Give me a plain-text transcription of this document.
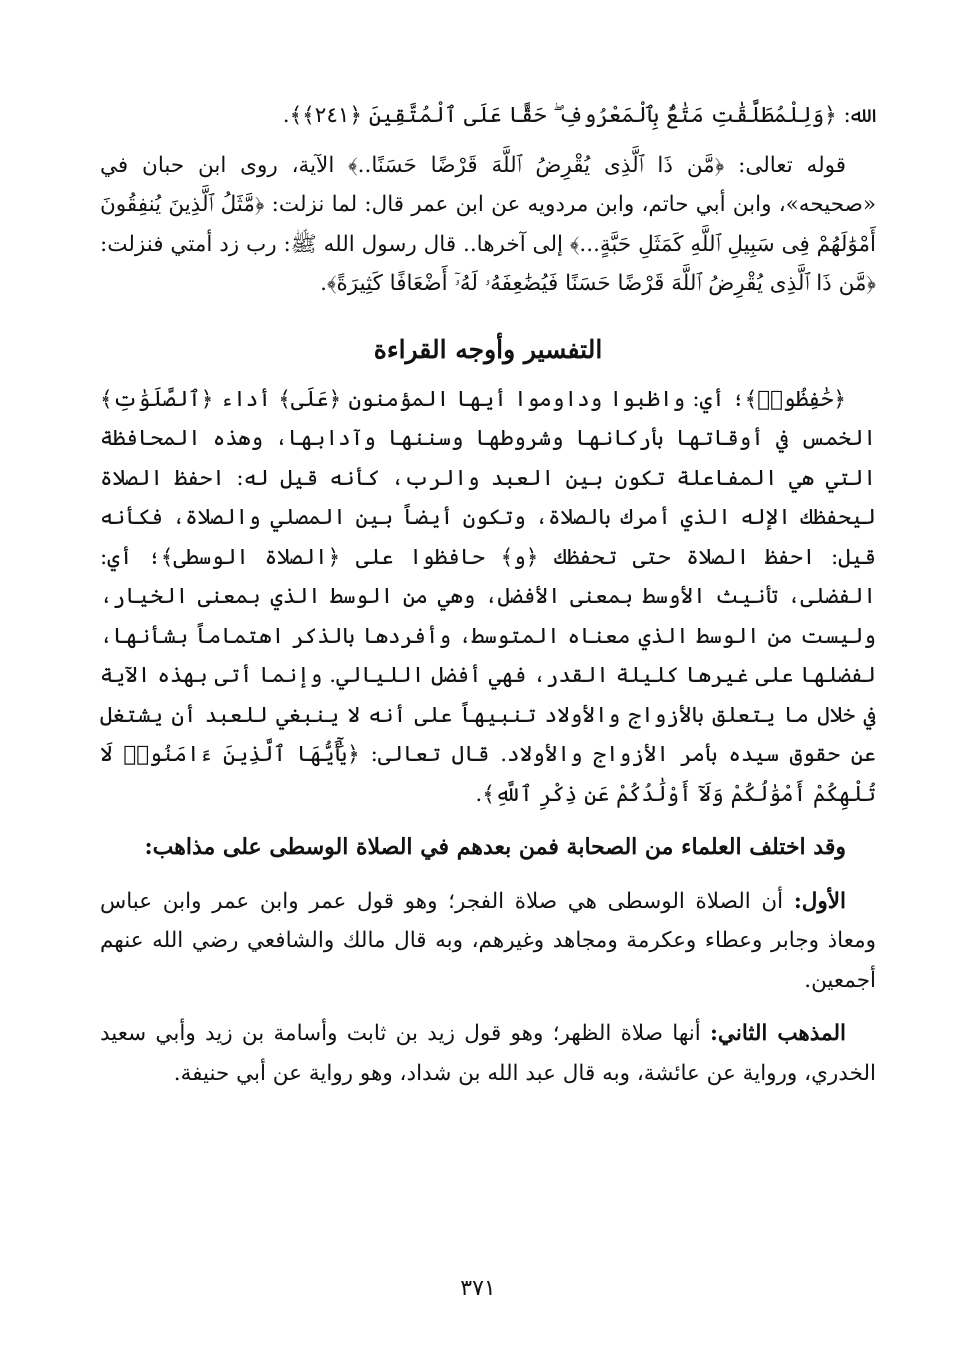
الله: ﴿وَلِلْمُطَلَّقَٰتِ مَتَٰعٌۢ بِٱلْمَعْرُوفِ ۖ حَقًّا عَلَى ٱلْمُتَّقِينَ ﴿٢٤١﴾﴾.

قوله تعالى: ﴿مَّن ذَا ٱلَّذِى يُقْرِضُ ٱللَّهَ قَرْضًا حَسَنًا..﴾ الآية، روى ابن حبان في «صحيحه»، وابن أبي حاتم، وابن مردويه عن ابن عمر قال: لما نزلت: ﴿مَّثَلُ ٱلَّذِينَ يُنفِقُونَ أَمْوَٰلَهُمْ فِى سَبِيلِ ٱللَّهِ كَمَثَلِ حَبَّةٍ...﴾ إلى آخرها.. قال رسول الله ﷺ: رب زد أمتي فنزلت: ﴿مَّن ذَا ٱلَّذِى يُقْرِضُ ٱللَّهَ قَرْضًا حَسَنًا فَيُضَٰعِفَهُۥ لَهُۥٓ أَضْعَافًا كَثِيرَةً﴾.

التفسير وأوجه القراءة

﴿حَٰفِظُوا۟﴾؛ أي: واظبوا وداوموا أيها المؤمنون ﴿عَلَى﴾ أداء ﴿ٱلصَّلَوَٰتِ﴾ الخمس في أوقاتها بأركانها وشروطها وسننها وآدابها، وهذه المحافظة التي هي المفاعلة تكون بين العبد والرب، كأنه قيل له: احفظ الصلاة ليحفظك الإله الذي أمرك بالصلاة، وتكون أيضاً بين المصلي والصلاة، فكأنه قيل: احفظ الصلاة حتى تحفظك ﴿و﴾ حافظوا على ﴿الصلاة الوسطى﴾؛ أي: الفضلى، تأنيث الأوسط بمعنى الأفضل، وهي من الوسط الذي بمعنى الخيار، وليست من الوسط الذي معناه المتوسط، وأفردها بالذكر اهتماماً بشأنها، لفضلها على غيرها كليلة القدر، فهي أفضل الليالي. وإنما أتى بهذه الآية في خلال ما يتعلق بالأزواج والأولاد تنبيهاً على أنه لا ينبغي للعبد أن يشتغل عن حقوق سيده بأمر الأزواج والأولاد. قال تعالى: ﴿يَٰٓأَيُّهَا ٱلَّذِينَ ءَامَنُوا۟ لَا تُلْهِكُمْ أَمْوَٰلُكُمْ وَلَآ أَوْلَٰدُكُمْ عَن ذِكْرِ ٱللَّهِ﴾.

وقد اختلف العلماء من الصحابة فمن بعدهم في الصلاة الوسطى على مذاهب:

الأول: أن الصلاة الوسطى هي صلاة الفجر؛ وهو قول عمر وابن عمر وابن عباس ومعاذ وجابر وعطاء وعكرمة ومجاهد وغيرهم، وبه قال مالك والشافعي رضي الله عنهم أجمعين.

المذهب الثاني: أنها صلاة الظهر؛ وهو قول زيد بن ثابت وأسامة بن زيد وأبي سعيد الخدري، ورواية عن عائشة، وبه قال عبد الله بن شداد، وهو رواية عن أبي حنيفة.

٣٧١
